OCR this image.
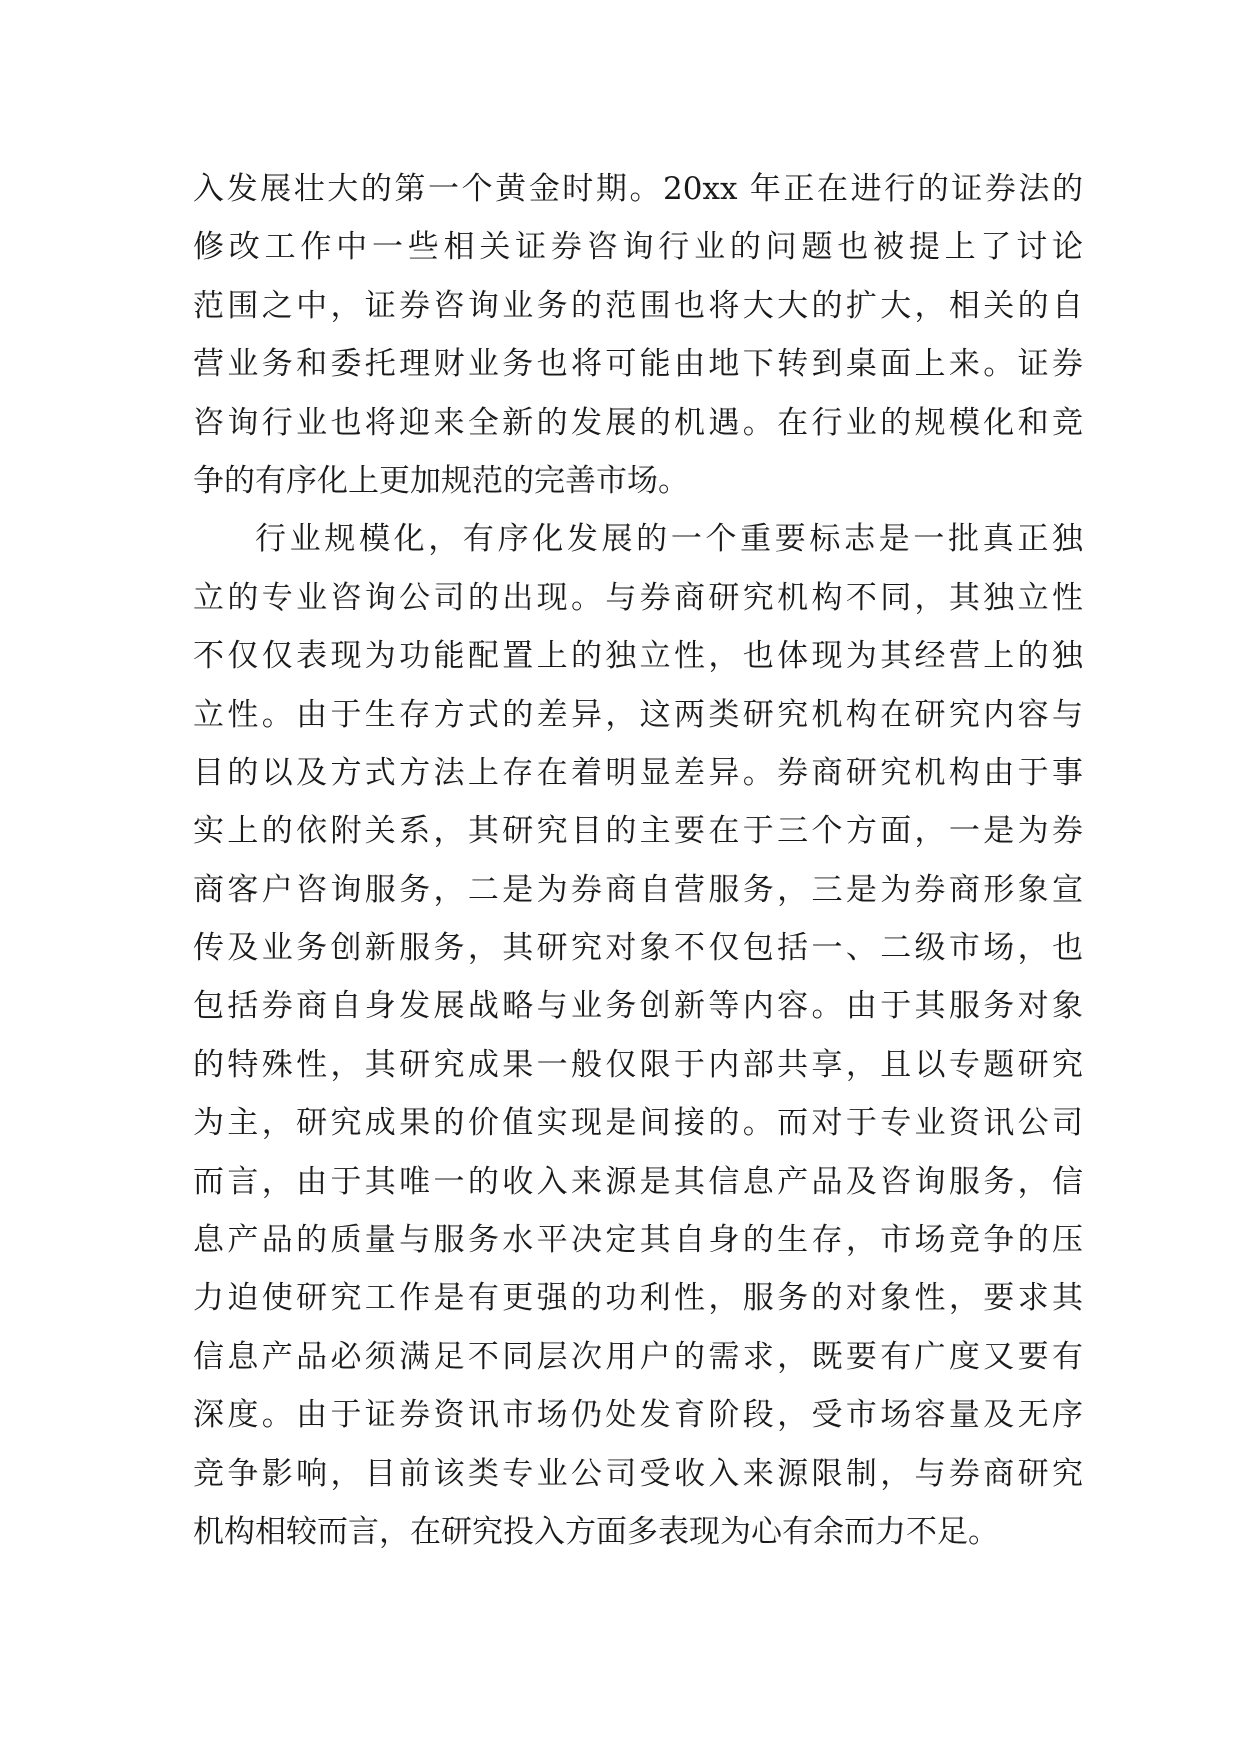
入发展壮大的第一个黄金时期。20xx 年正在进行的证券法的
修改工作中一些相关证券咨询行业的问题也被提上了讨论
范围之中，证券咨询业务的范围也将大大的扩大，相关的自
营业务和委托理财业务也将可能由地下转到桌面上来。证券
咨询行业也将迎来全新的发展的机遇。在行业的规模化和竞
争的有序化上更加规范的完善市场。
行业规模化，有序化发展的一个重要标志是一批真正独
立的专业咨询公司的出现。与券商研究机构不同，其独立性
不仅仅表现为功能配置上的独立性，也体现为其经营上的独
立性。由于生存方式的差异，这两类研究机构在研究内容与
目的以及方式方法上存在着明显差异。券商研究机构由于事
实上的依附关系，其研究目的主要在于三个方面，一是为券
商客户咨询服务，二是为券商自营服务，三是为券商形象宣
传及业务创新服务，其研究对象不仅包括一、二级市场，也
包括券商自身发展战略与业务创新等内容。由于其服务对象
的特殊性，其研究成果一般仅限于内部共享，且以专题研究
为主，研究成果的价值实现是间接的。而对于专业资讯公司
而言，由于其唯一的收入来源是其信息产品及咨询服务，信
息产品的质量与服务水平决定其自身的生存，市场竞争的压
力迫使研究工作是有更强的功利性，服务的对象性，要求其
信息产品必须满足不同层次用户的需求，既要有广度又要有
深度。由于证券资讯市场仍处发育阶段，受市场容量及无序
竞争影响，目前该类专业公司受收入来源限制，与券商研究
机构相较而言，在研究投入方面多表现为心有余而力不足。
